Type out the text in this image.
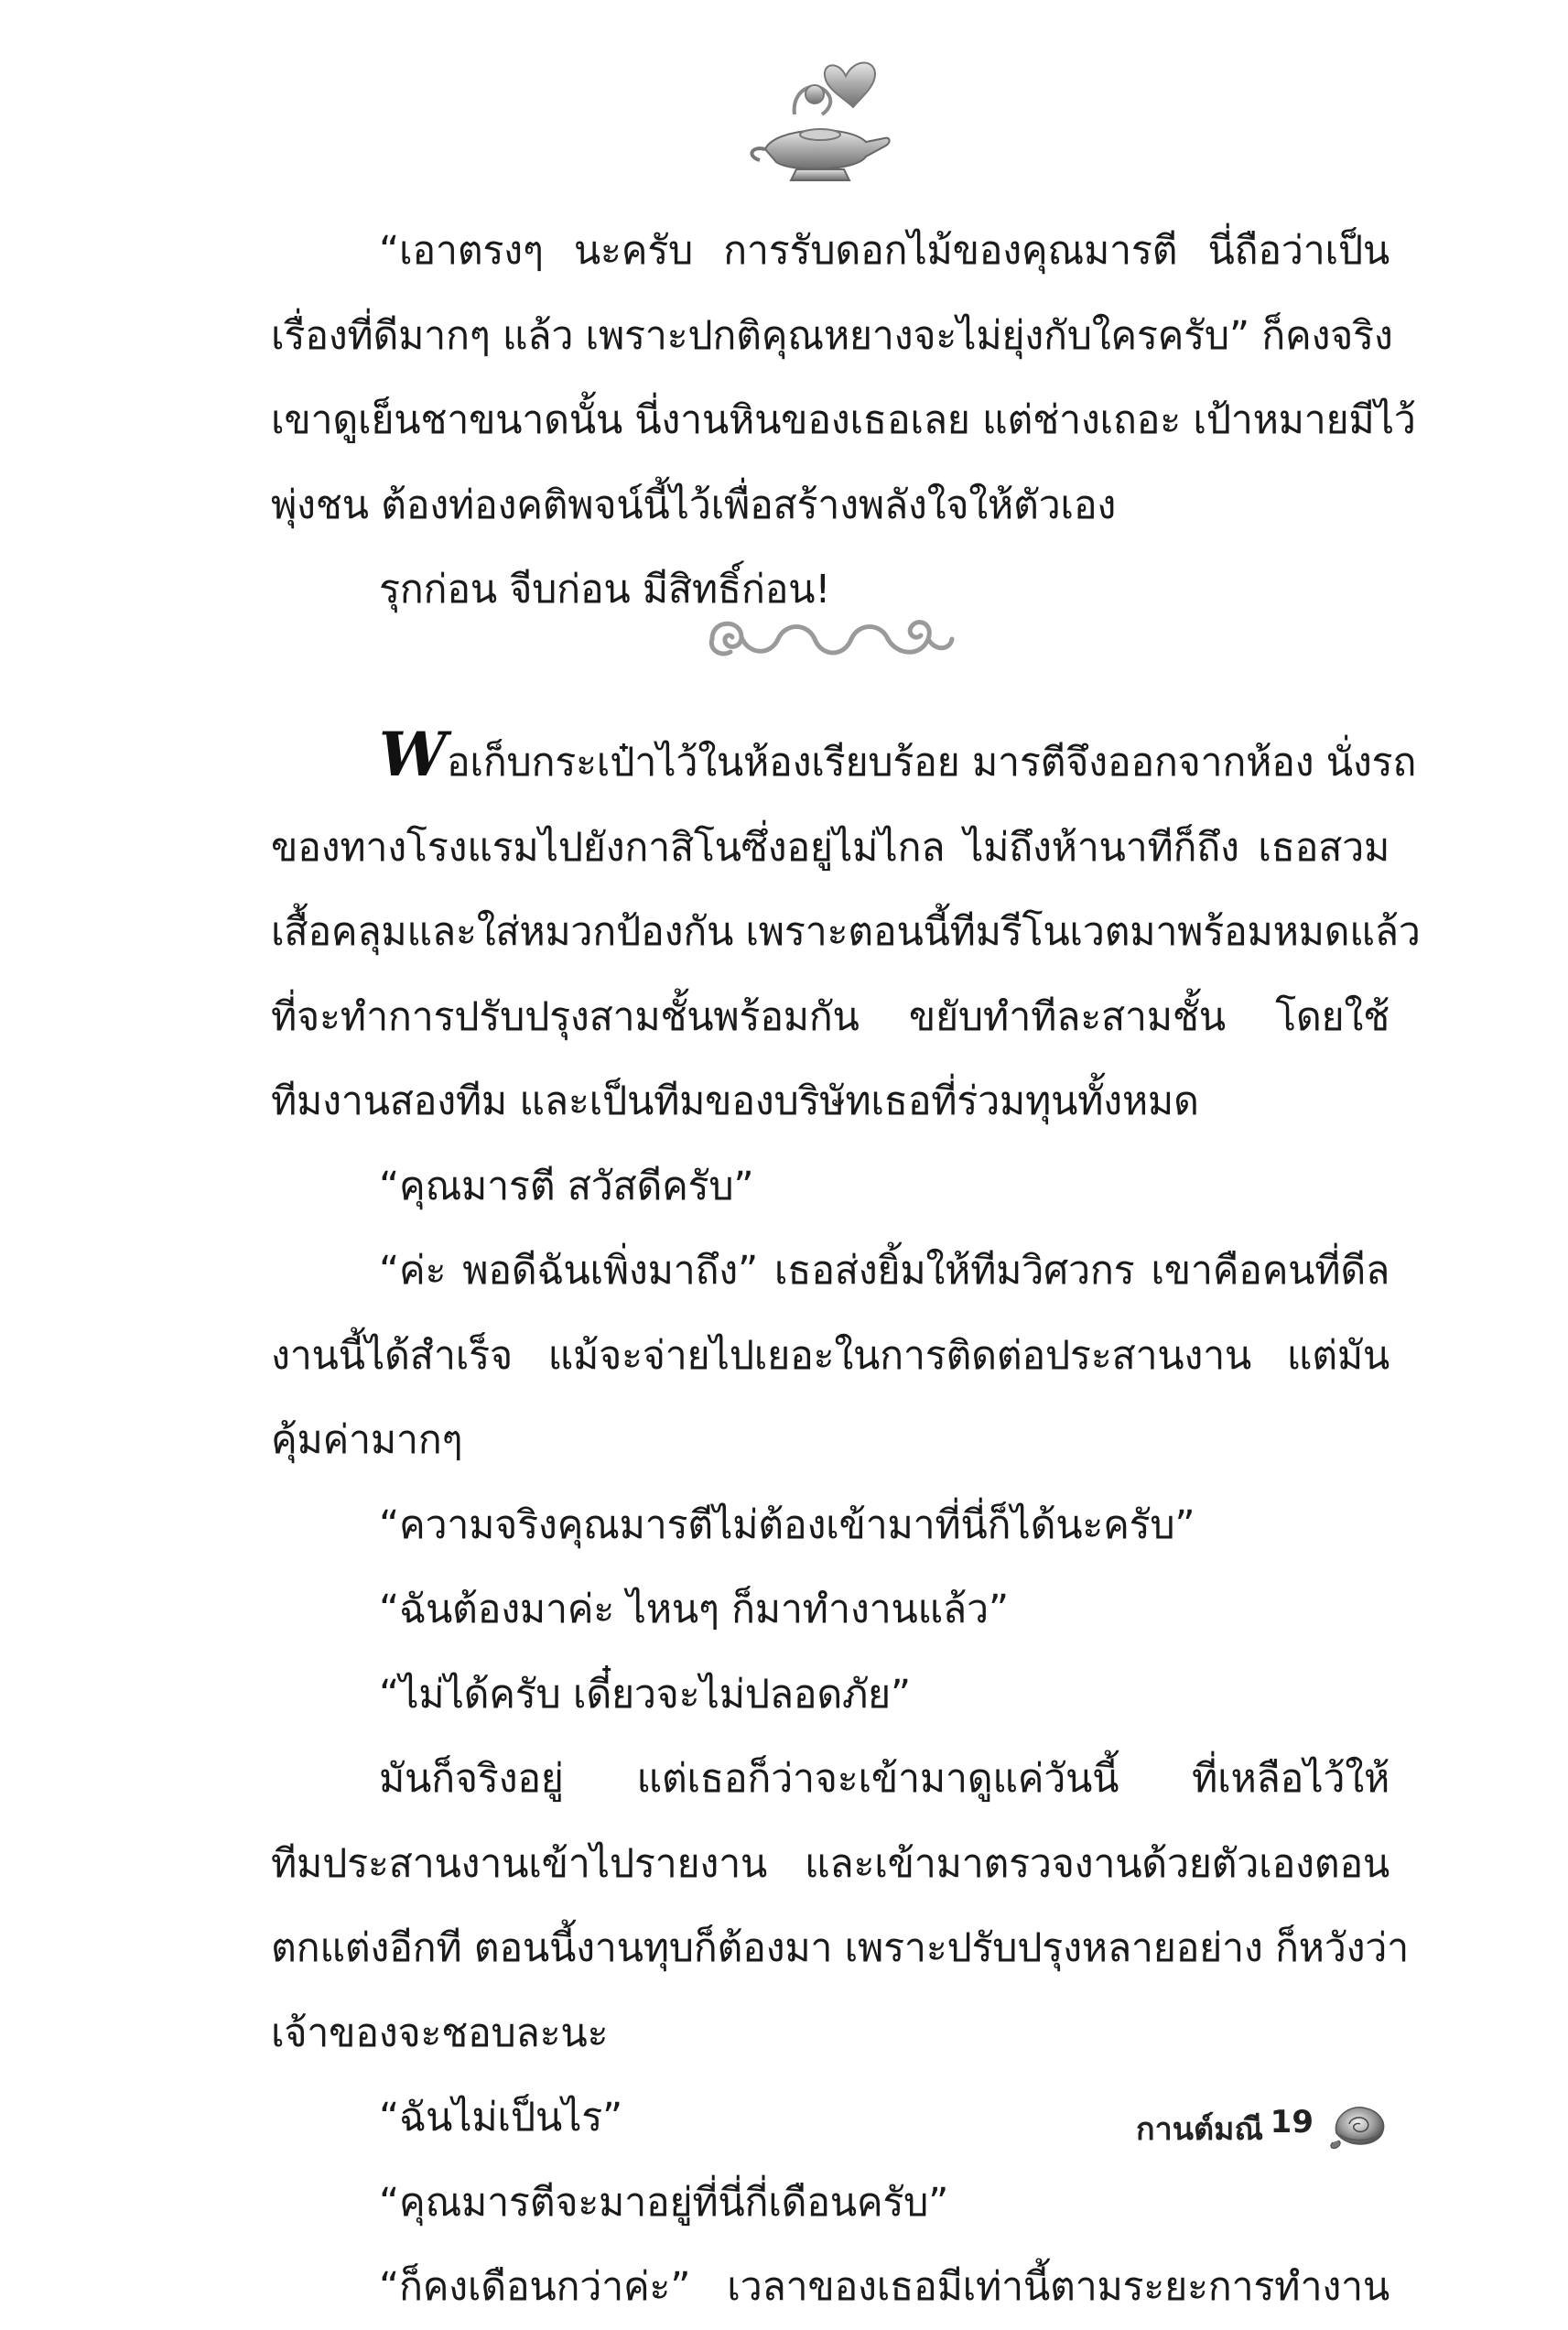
“เอาตรงๆ นะครับ การรับดอกไม้ของคุณมารตี นี่ถือว่าเป็น
เรื่องที่ดีมากๆ แล้ว เพราะปกติคุณหยางจะไม่ยุ่งกับใครครับ” ก็คงจริง
เขาดูเย็นชาขนาดนั้น นี่งานหินของเธอเลย แต่ช่างเถอะ เป้าหมายมีไว้
พุ่งชน ต้องท่องคติพจน์นี้ไว้เพื่อสร้างพลังใจให้ตัวเอง
รุกก่อน จีบก่อน มีสิทธิ์ก่อน!
Wอเก็บกระเป๋าไว้ในห้องเรียบร้อย มารตีจึงออกจากห้อง นั่งรถ
ของทางโรงแรมไปยังกาสิโนซึ่งอยู่ไม่ไกล ไม่ถึงห้านาทีก็ถึง เธอสวม
เสื้อคลุมและใส่หมวกป้องกัน เพราะตอนนี้ทีมรีโนเวตมาพร้อมหมดแล้ว
ที่จะทำการปรับปรุงสามชั้นพร้อมกัน ขยับทำทีละสามชั้น โดยใช้
ทีมงานสองทีม และเป็นทีมของบริษัทเธอที่ร่วมทุนทั้งหมด
“คุณมารตี สวัสดีครับ”
“ค่ะ พอดีฉันเพิ่งมาถึง” เธอส่งยิ้มให้ทีมวิศวกร เขาคือคนที่ดีล
งานนี้ได้สำเร็จ แม้จะจ่ายไปเยอะในการติดต่อประสานงาน แต่มัน
คุ้มค่ามากๆ
“ความจริงคุณมารตีไม่ต้องเข้ามาที่นี่ก็ได้นะครับ”
“ฉันต้องมาค่ะ ไหนๆ ก็มาทำงานแล้ว”
“ไม่ได้ครับ เดี๋ยวจะไม่ปลอดภัย”
มันก็จริงอยู่ แต่เธอก็ว่าจะเข้ามาดูแค่วันนี้ ที่เหลือไว้ให้
ทีมประสานงานเข้าไปรายงาน และเข้ามาตรวจงานด้วยตัวเองตอน
ตกแต่งอีกที ตอนนี้งานทุบก็ต้องมา เพราะปรับปรุงหลายอย่าง ก็หวังว่า
เจ้าของจะชอบละนะ
“ฉันไม่เป็นไร”
“คุณมารตีจะมาอยู่ที่นี่กี่เดือนครับ”
“ก็คงเดือนกว่าค่ะ” เวลาของเธอมีเท่านี้ตามระยะการทำงาน
กานต์มณี 19
